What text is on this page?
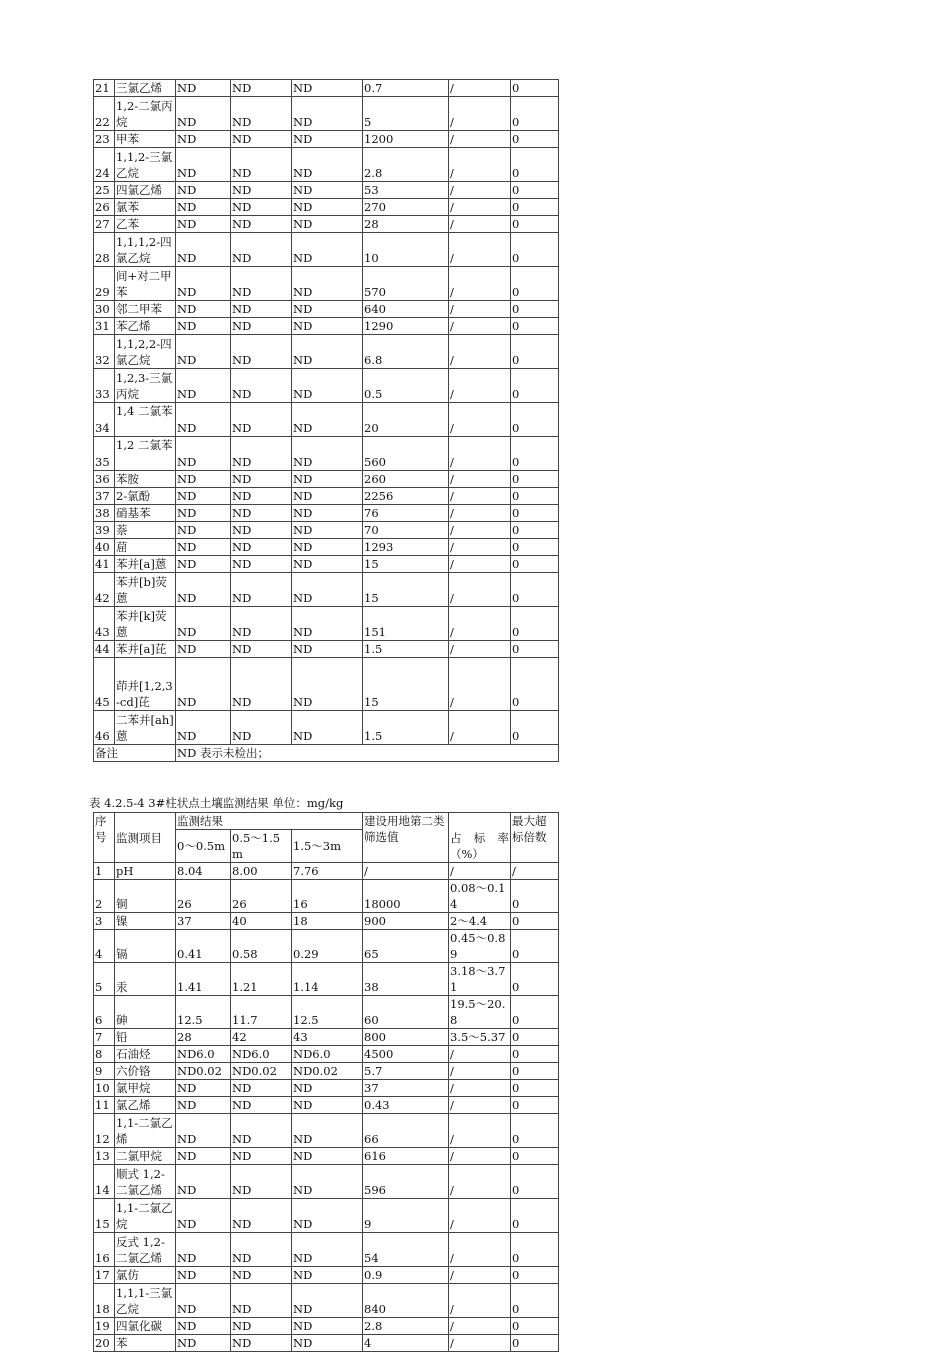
21	三氯乙烯	ND	ND	ND	0.7	/	0
22	1,2-二氯丙烷	ND	ND	ND	5	/	0
23	甲苯	ND	ND	ND	1200	/	0
24	1,1,2-三氯乙烷	ND	ND	ND	2.8	/	0
25	四氯乙烯	ND	ND	ND	53	/	0
26	氯苯	ND	ND	ND	270	/	0
27	乙苯	ND	ND	ND	28	/	0
28	1,1,1,2-四氯乙烷	ND	ND	ND	10	/	0
29	间+对二甲苯	ND	ND	ND	570	/	0
30	邻二甲苯	ND	ND	ND	640	/	0
31	苯乙烯	ND	ND	ND	1290	/	0
32	1,1,2,2-四氯乙烷	ND	ND	ND	6.8	/	0
33	1,2,3-三氯丙烷	ND	ND	ND	0.5	/	0
34	1,4 二氯苯	ND	ND	ND	20	/	0
35	1,2 二氯苯	ND	ND	ND	560	/	0
36	苯胺	ND	ND	ND	260	/	0
37	2-氯酚	ND	ND	ND	2256	/	0
38	硝基苯	ND	ND	ND	76	/	0
39	萘	ND	ND	ND	70	/	0
40	䓛	ND	ND	ND	1293	/	0
41	苯并[a]蒽	ND	ND	ND	15	/	0
42	苯并[b]荧蒽	ND	ND	ND	15	/	0
43	苯并[k]荧蒽	ND	ND	ND	151	/	0
44	苯并[a]芘	ND	ND	ND	1.5	/	0
45	茚并[1,2,3-cd]芘	ND	ND	ND	15	/	0
46	二苯并[ah]蒽	ND	ND	ND	1.5	/	0
备注		ND 表示未检出；					
表 4.2.5-4 3#柱状点土壤监测结果 单位：mg/kg
序号	监测项目	监测结果			建设用地第二类筛选值	占 标 率（%）	最大超标倍数
		0～0.5m	0.5～1.5m	1.5～3m			
1	pH	8.04	8.00	7.76	/	/	/
2	铜	26	26	16	18000	0.08～0.14	0
3	镍	37	40	18	900	2～4.4	0
4	镉	0.41	0.58	0.29	65	0.45～0.89	0
5	汞	1.41	1.21	1.14	38	3.18～3.71	0
6	砷	12.5	11.7	12.5	60	19.5～20.8	0
7	铅	28	42	43	800	3.5～5.37	0
8	石油烃	ND6.0	ND6.0	ND6.0	4500	/	0
9	六价铬	ND0.02	ND0.02	ND0.02	5.7	/	0
10	氯甲烷	ND	ND	ND	37	/	0
11	氯乙烯	ND	ND	ND	0.43	/	0
12	1,1-二氯乙烯	ND	ND	ND	66	/	0
13	二氯甲烷	ND	ND	ND	616	/	0
14	顺式 1,2-二氯乙烯	ND	ND	ND	596	/	0
15	1,1-二氯乙烷	ND	ND	ND	9	/	0
16	反式 1,2-二氯乙烯	ND	ND	ND	54	/	0
17	氯仿	ND	ND	ND	0.9	/	0
18	1,1,1-三氯乙烷	ND	ND	ND	840	/	0
19	四氯化碳	ND	ND	ND	2.8	/	0
20	苯	ND	ND	ND	4	/	0
